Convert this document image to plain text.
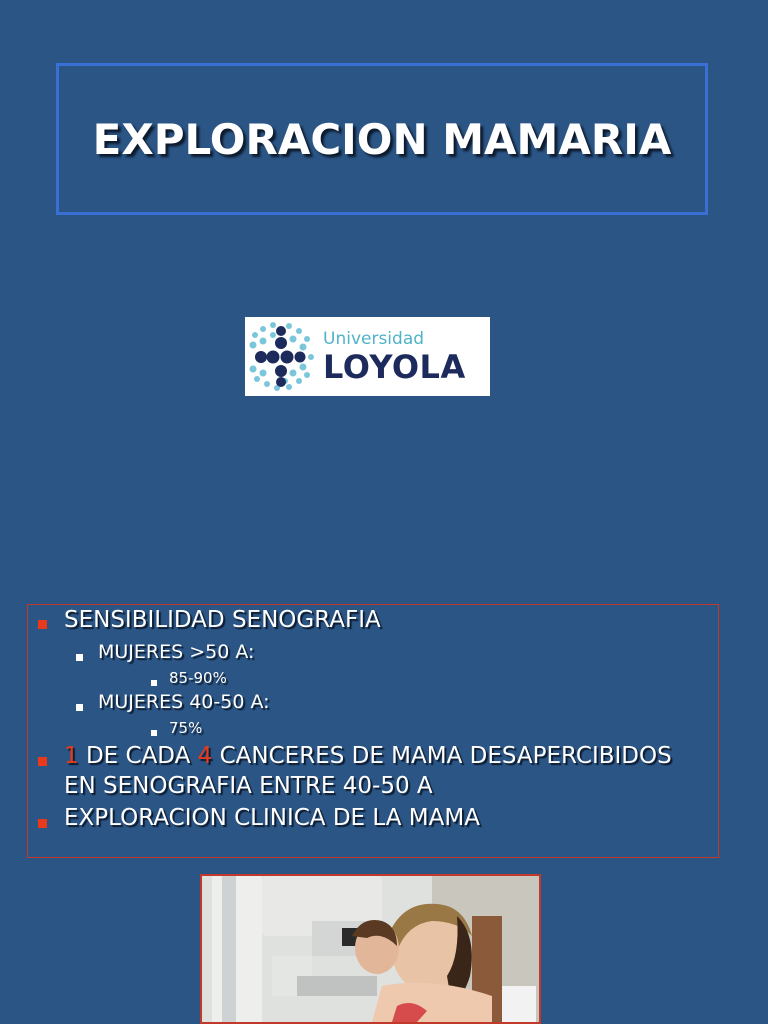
EXPLORACION MAMARIA
Universidad
LOYOLA
SENSIBILIDAD SENOGRAFIA
MUJERES >50 A:
85-90%
MUJERES 40-50 A:
75%
1 DE CADA 4 CANCERES DE MAMA DESAPERCIBIDOS
EN SENOGRAFIA ENTRE 40-50 A
EXPLORACION CLINICA DE LA MAMA
